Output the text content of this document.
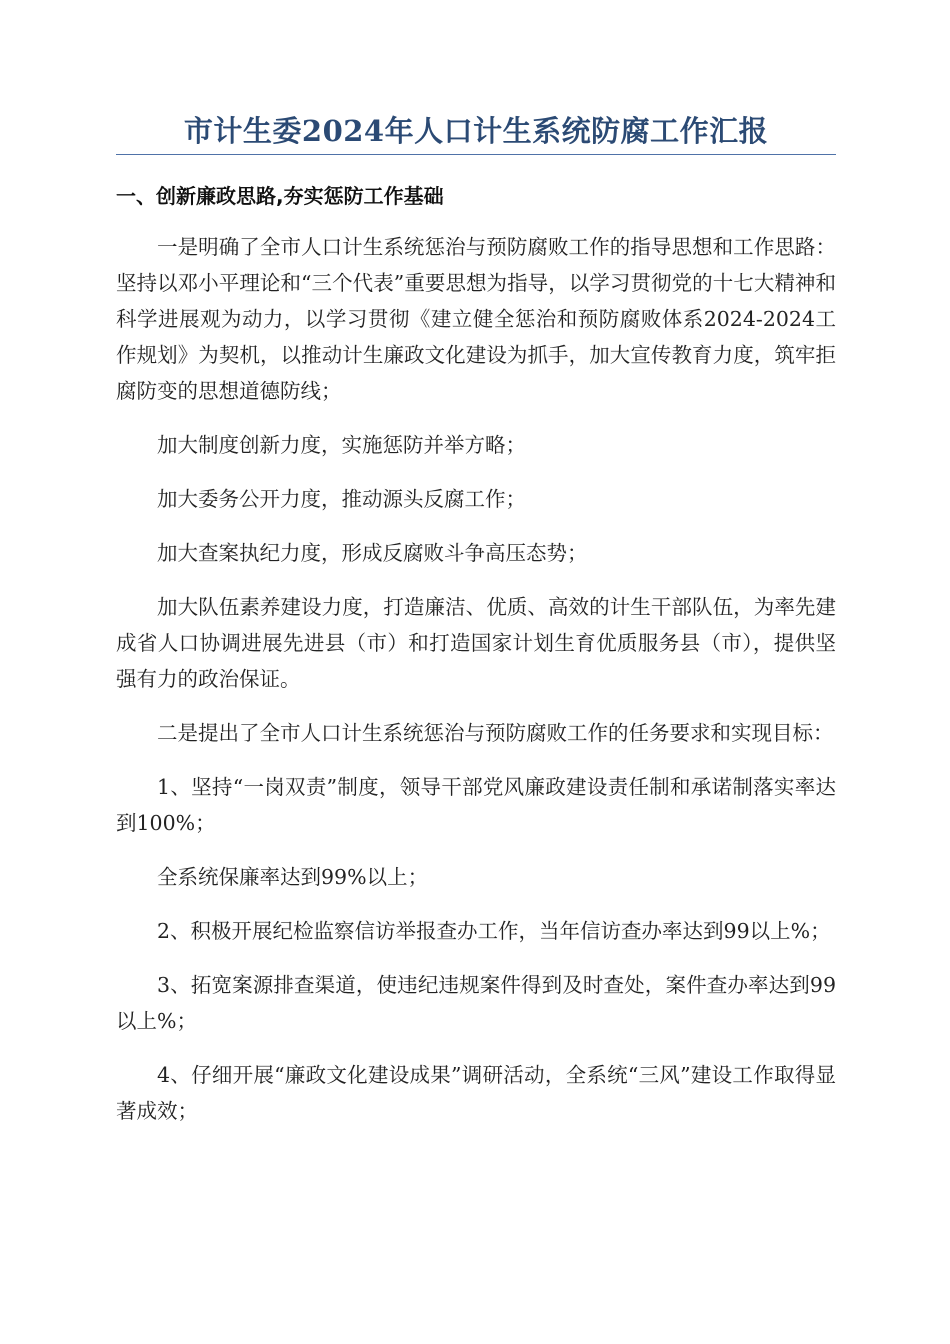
市计生委2024年人口计生系统防腐工作汇报
一、创新廉政思路,夯实惩防工作基础

一是明确了全市人口计生系统惩治与预防腐败工作的指导思想和工作思路：坚持以邓小平理论和“三个代表”重要思想为指导，以学习贯彻党的十七大精神和科学进展观为动力，以学习贯彻《建立健全惩治和预防腐败体系2024-2024工作规划》为契机，以推动计生廉政文化建设为抓手，加大宣传教育力度，筑牢拒腐防变的思想道德防线；

加大制度创新力度，实施惩防并举方略；

加大委务公开力度，推动源头反腐工作；

加大查案执纪力度，形成反腐败斗争高压态势；

加大队伍素养建设力度，打造廉洁、优质、高效的计生干部队伍，为率先建成省人口协调进展先进县（市）和打造国家计划生育优质服务县（市），提供坚强有力的政治保证。

二是提出了全市人口计生系统惩治与预防腐败工作的任务要求和实现目标：

1、坚持“一岗双责”制度，领导干部党风廉政建设责任制和承诺制落实率达到100%；

全系统保廉率达到99%以上；

2、积极开展纪检监察信访举报查办工作，当年信访查办率达到99以上%；

3、拓宽案源排查渠道，使违纪违规案件得到及时查处，案件查办率达到99以上%；

4、仔细开展“廉政文化建设成果”调研活动，全系统“三风”建设工作取得显著成效；
